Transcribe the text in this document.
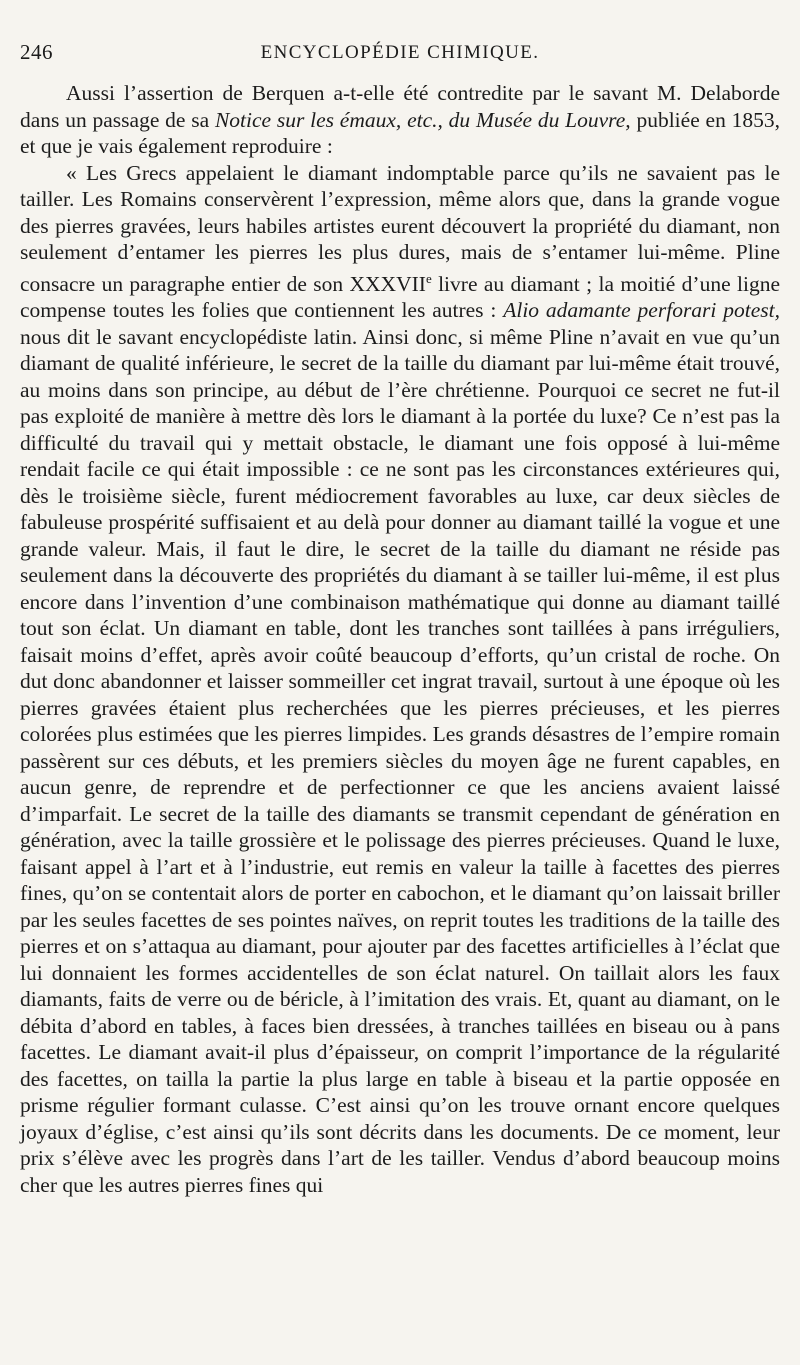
246	ENCYCLOPÉDIE CHIMIQUE.

Aussi l’assertion de Berquen a-t-elle été contredite par le savant M. Delaborde dans un passage de sa Notice sur les émaux, etc., du Musée du Louvre, publiée en 1853, et que je vais également reproduire :

« Les Grecs appelaient le diamant indomptable parce qu’ils ne savaient pas le tailler. Les Romains conservèrent l’expression, même alors que, dans la grande vogue des pierres gravées, leurs habiles artistes eurent découvert la propriété du diamant, non seulement d’entamer les pierres les plus dures, mais de s’entamer lui-même. Pline consacre un paragraphe entier de son XXXVIIe livre au diamant ; la moitié d’une ligne compense toutes les folies que contiennent les autres : Alio adamante perforari potest, nous dit le savant encyclopédiste latin. Ainsi donc, si même Pline n’avait en vue qu’un diamant de qualité inférieure, le secret de la taille du diamant par lui-même était trouvé, au moins dans son principe, au début de l’ère chrétienne. Pourquoi ce secret ne fut-il pas exploité de manière à mettre dès lors le diamant à la portée du luxe? Ce n’est pas la difficulté du travail qui y mettait obstacle, le diamant une fois opposé à lui-même rendait facile ce qui était impossible : ce ne sont pas les circonstances extérieures qui, dès le troisième siècle, furent médiocrement favorables au luxe, car deux siècles de fabuleuse prospérité suffisaient et au delà pour donner au diamant taillé la vogue et une grande valeur. Mais, il faut le dire, le secret de la taille du diamant ne réside pas seulement dans la découverte des propriétés du diamant à se tailler lui-même, il est plus encore dans l’invention d’une combinaison mathématique qui donne au diamant taillé tout son éclat. Un diamant en table, dont les tranches sont taillées à pans irréguliers, faisait moins d’effet, après avoir coûté beaucoup d’efforts, qu’un cristal de roche. On dut donc abandonner et laisser sommeiller cet ingrat travail, surtout à une époque où les pierres gravées étaient plus recherchées que les pierres précieuses, et les pierres colorées plus estimées que les pierres limpides. Les grands désastres de l’empire romain passèrent sur ces débuts, et les premiers siècles du moyen âge ne furent capables, en aucun genre, de reprendre et de perfectionner ce que les anciens avaient laissé d’imparfait. Le secret de la taille des diamants se transmit cependant de génération en génération, avec la taille grossière et le polissage des pierres précieuses. Quand le luxe, faisant appel à l’art et à l’industrie, eut remis en valeur la taille à facettes des pierres fines, qu’on se contentait alors de porter en cabochon, et le diamant qu’on laissait briller par les seules facettes de ses pointes naïves, on reprit toutes les traditions de la taille des pierres et on s’attaqua au diamant, pour ajouter par des facettes artificielles à l’éclat que lui donnaient les formes accidentelles de son éclat naturel. On taillait alors les faux diamants, faits de verre ou de béricle, à l’imitation des vrais. Et, quant au diamant, on le débita d’abord en tables, à faces bien dressées, à tranches taillées en biseau ou à pans facettes. Le diamant avait-il plus d’épaisseur, on comprit l’importance de la régularité des facettes, on tailla la partie la plus large en table à biseau et la partie opposée en prisme régulier formant culasse. C’est ainsi qu’on les trouve ornant encore quelques joyaux d’église, c’est ainsi qu’ils sont décrits dans les documents. De ce moment, leur prix s’élève avec les progrès dans l’art de les tailler. Vendus d’abord beaucoup moins cher que les autres pierres fines qui
